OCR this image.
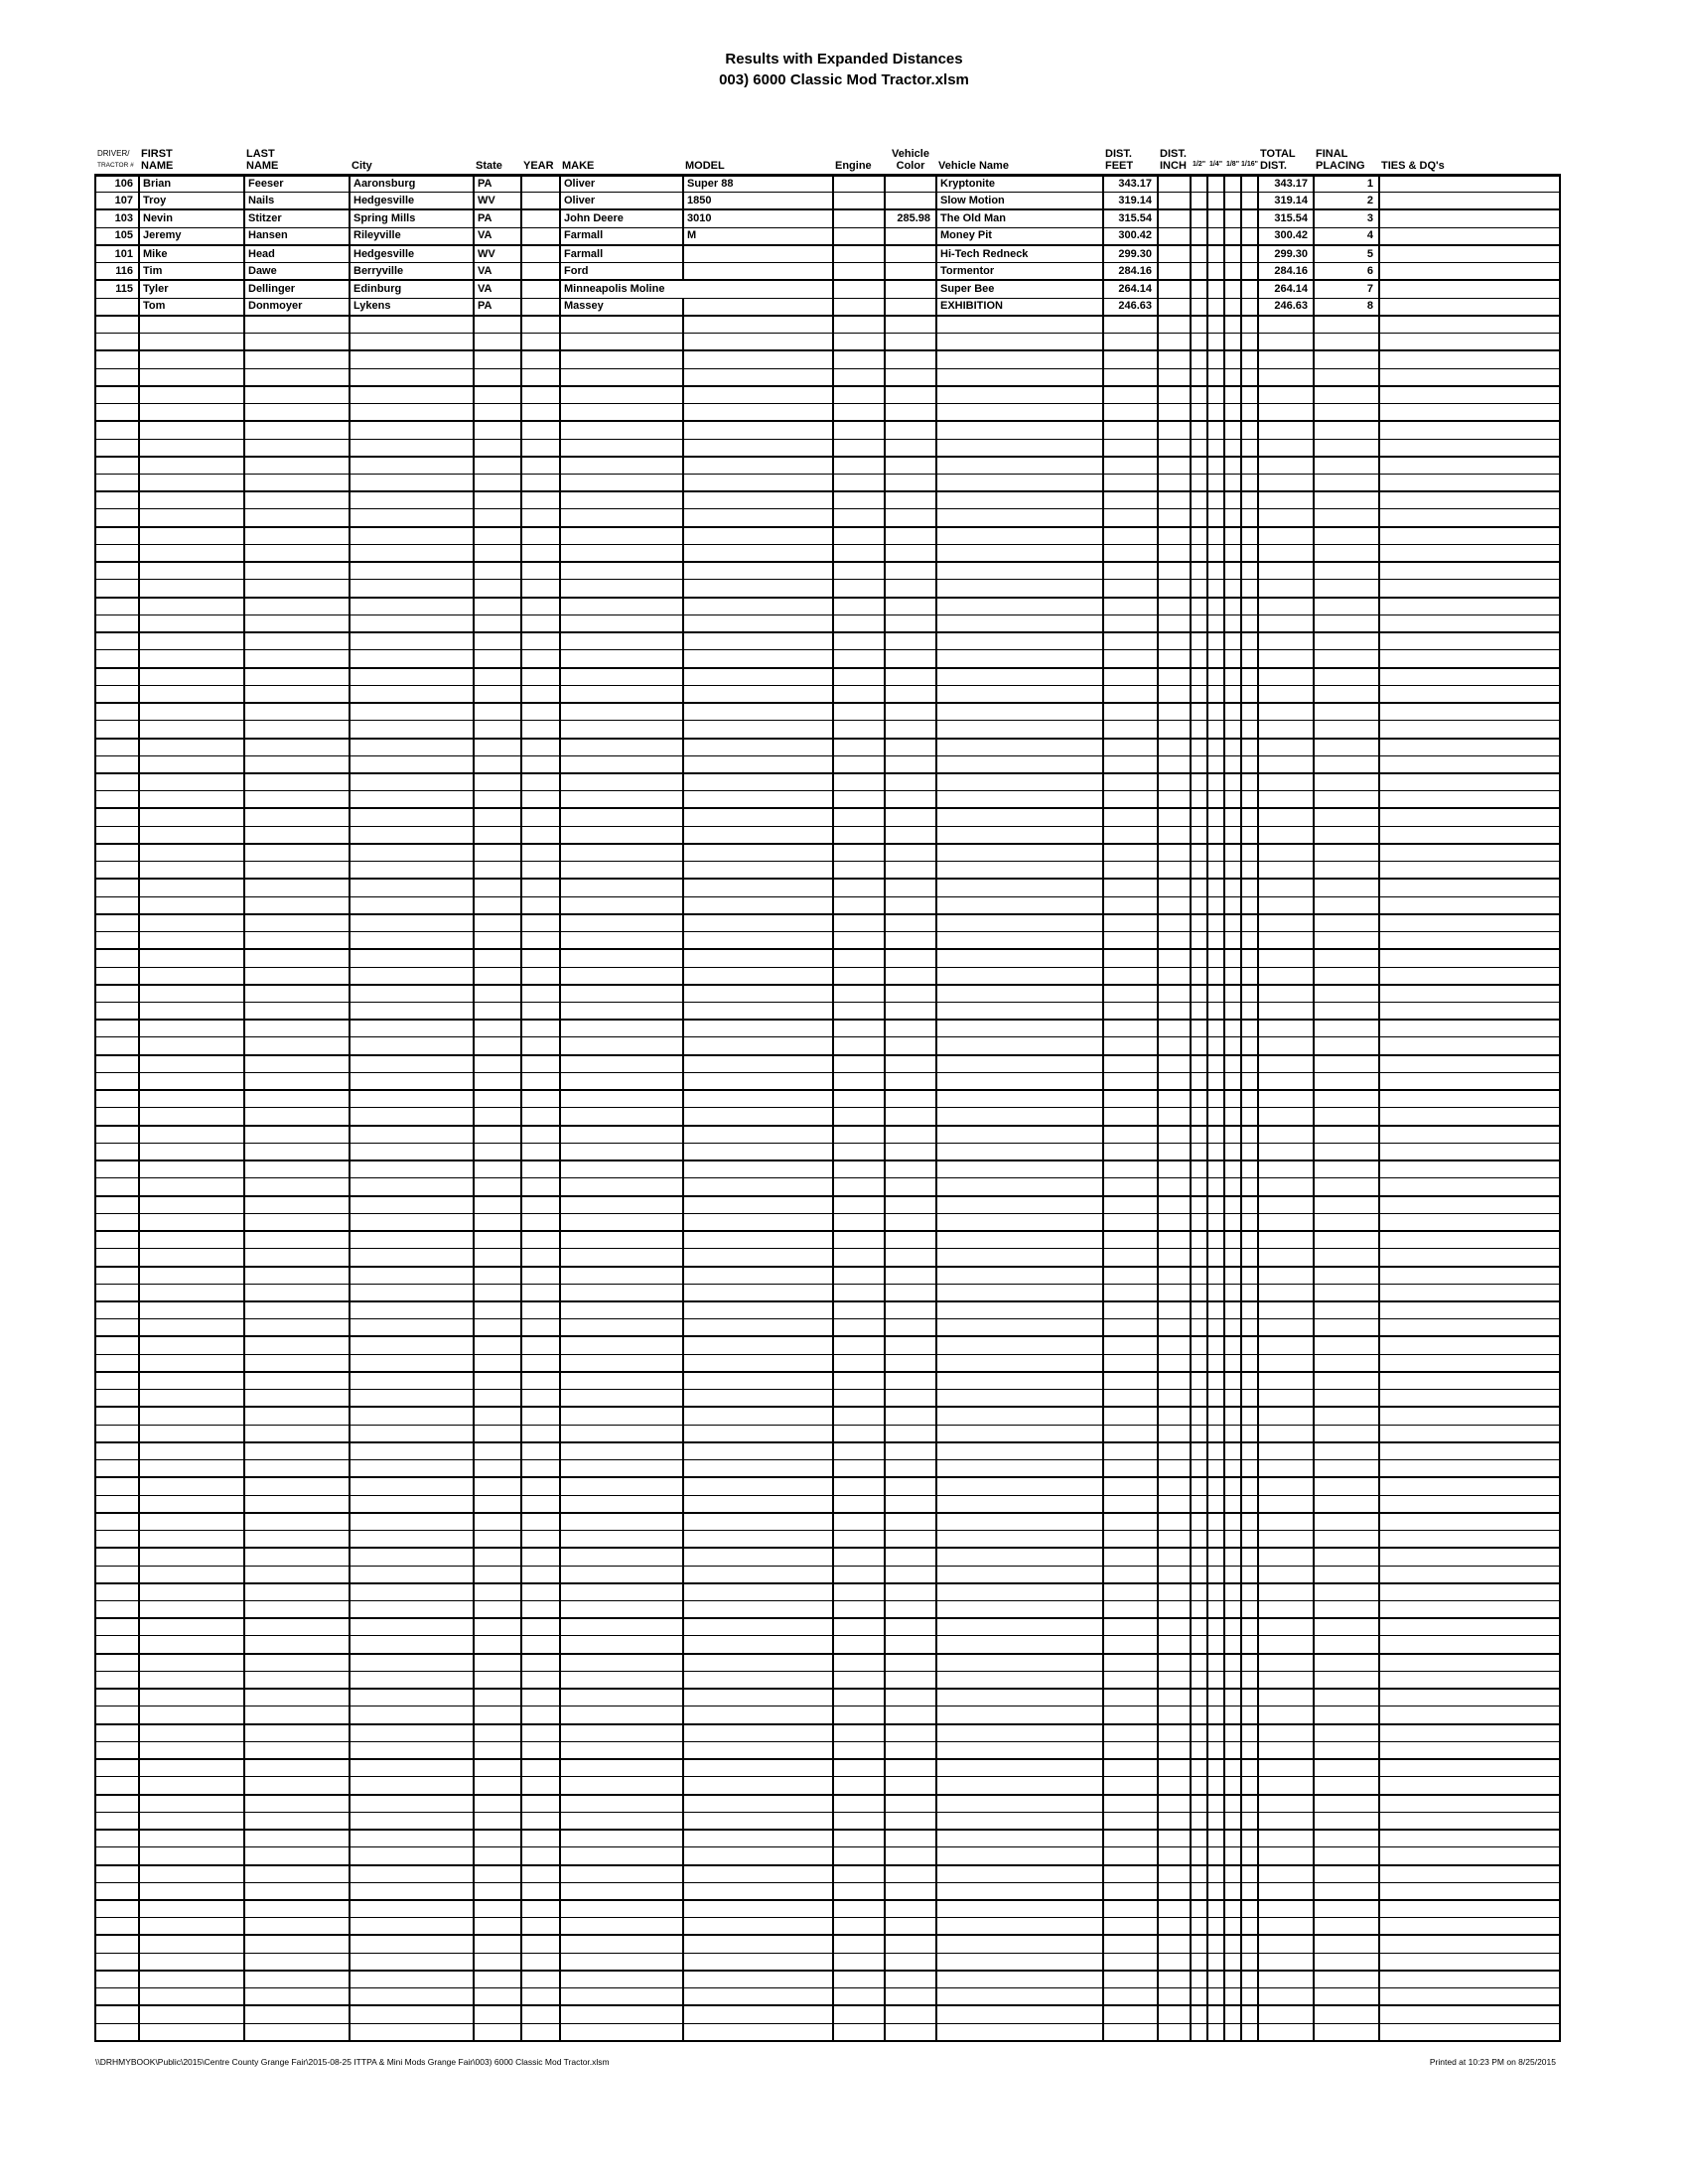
Results with Expanded Distances
003) 6000 Classic Mod Tractor.xlsm
DRIVER/
TRACTOR #	FIRST
NAME	LAST
NAME	City	State	YEAR	MAKE	MODEL	Engine	Vehicle
Color	Vehicle Name	DIST.
FEET	DIST.
INCH	1/2"	1/4"	1/8"	1/16"	TOTAL
DIST.	FINAL
PLACING	TIES & DQ's
106	Brian	Feeser	Aaronsburg	PA		Oliver	Super 88			Kryptonite	343.17						343.17	1	
107	Troy	Nails	Hedgesville	WV		Oliver	1850			Slow Motion	319.14						319.14	2	
103	Nevin	Stitzer	Spring Mills	PA		John Deere	3010		285.98	The Old Man	315.54						315.54	3	
105	Jeremy	Hansen	Rileyville	VA		Farmall	M			Money Pit	300.42						300.42	4	
101	Mike	Head	Hedgesville	WV		Farmall				Hi-Tech Redneck	299.30						299.30	5	
116	Tim	Dawe	Berryville	VA		Ford				Tormentor	284.16						284.16	6	
115	Tyler	Dellinger	Edinburg	VA		Minneapolis Moline				Super Bee	264.14						264.14	7	
	Tom	Donmoyer	Lykens	PA		Massey				EXHIBITION	246.63						246.63	8	

\\DRHMYBOOK\Public\2015\Centre County Grange Fair\2015-08-25 ITTPA & Mini Mods Grange Fair\003) 6000 Classic Mod Tractor.xlsm	Printed at 10:23 PM on 8/25/2015
